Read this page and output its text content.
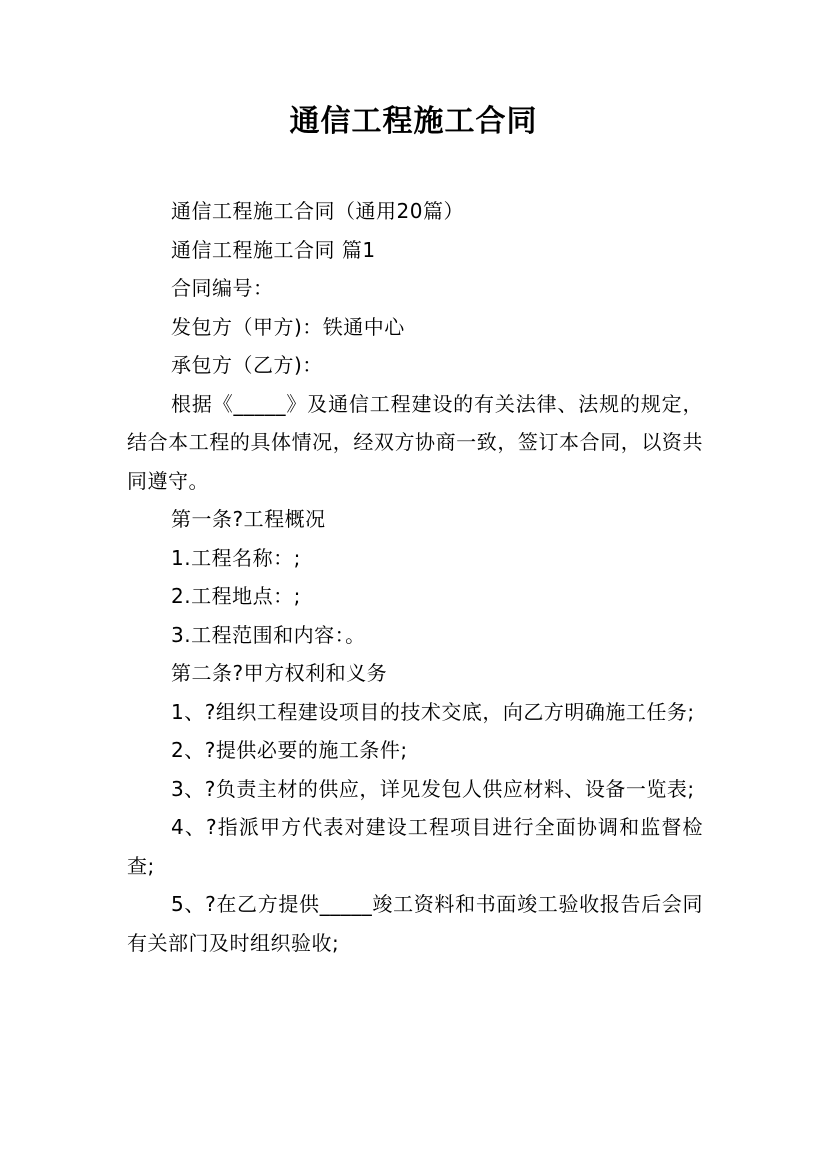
通信工程施工合同

通信工程施工合同（通用20篇）

通信工程施工合同 篇1

合同编号：

发包方（甲方)：铁通中心

承包方（乙方)：

根据《_____》及通信工程建设的有关法律、法规的规定，结合本工程的具体情况，经双方协商一致，签订本合同，以资共同遵守。

第一条?工程概况

1.工程名称：;

2.工程地点：;

3.工程范围和内容：。

第二条?甲方权利和义务

1、?组织工程建设项目的技术交底，向乙方明确施工任务;

2、?提供必要的施工条件;

3、?负责主材的供应，详见发包人供应材料、设备一览表;

4、?指派甲方代表对建设工程项目进行全面协调和监督检查;

5、?在乙方提供_____竣工资料和书面竣工验收报告后会同有关部门及时组织验收;
